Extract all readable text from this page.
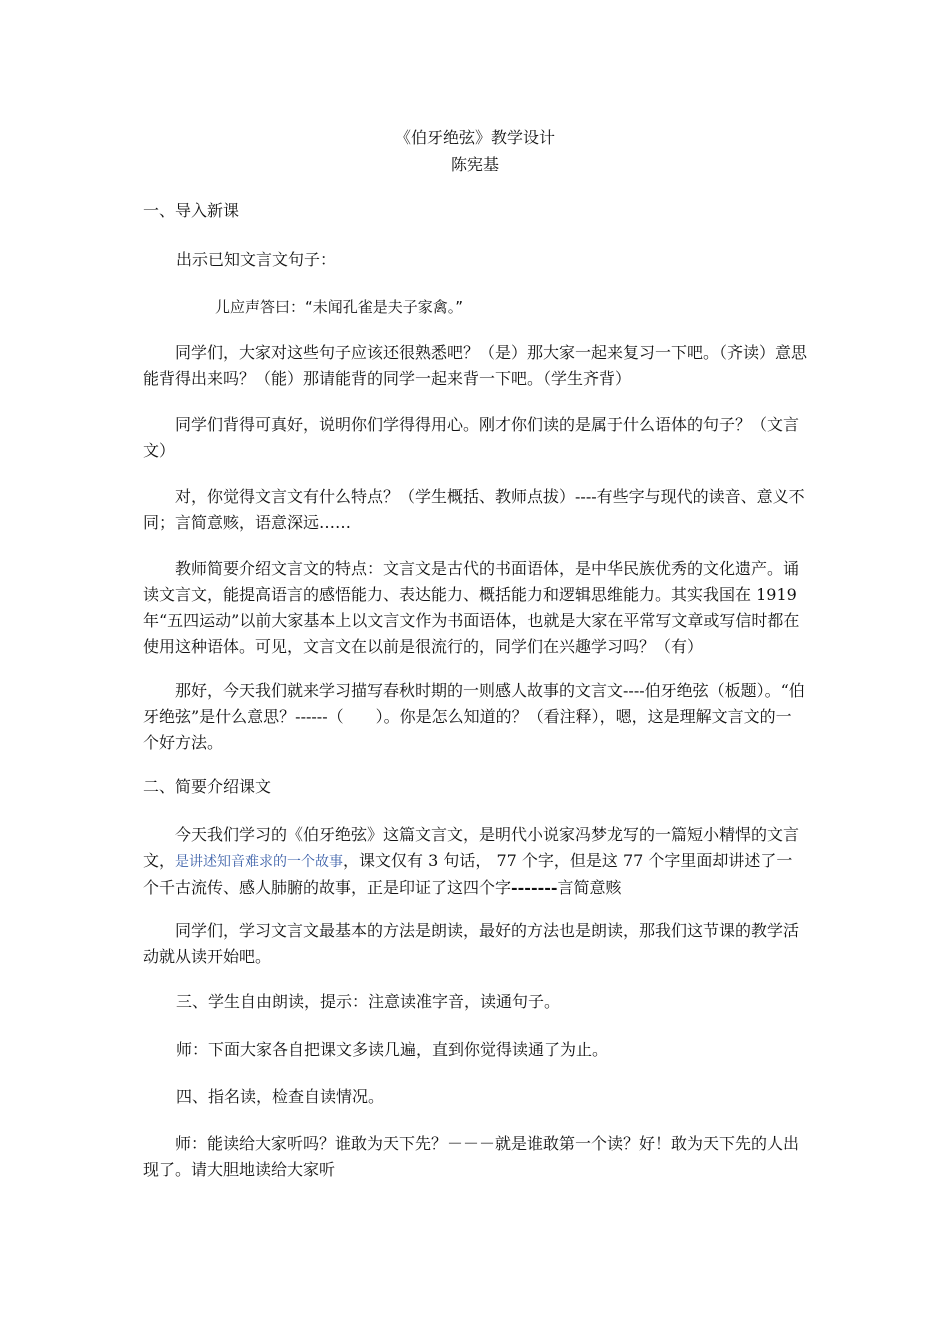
《伯牙绝弦》教学设计
陈宪基
一、导入新课
出示已知文言文句子：
儿应声答曰：“未闻孔雀是夫子家禽。”
同学们，大家对这些句子应该还很熟悉吧？（是）那大家一起来复习一下吧。（齐读）意思能背得出来吗？（能）那请能背的同学一起来背一下吧。（学生齐背）
同学们背得可真好，说明你们学得得用心。刚才你们读的是属于什么语体的句子？（文言文）
对，你觉得文言文有什么特点？（学生概括、教师点拔）----有些字与现代的读音、意义不同；言简意赅，语意深远……
教师简要介绍文言文的特点：文言文是古代的书面语体，是中华民族优秀的文化遗产。诵读文言文，能提高语言的感悟能力、表达能力、概括能力和逻辑思维能力。其实我国在 1919 年“五四运动”以前大家基本上以文言文作为书面语体，也就是大家在平常写文章或写信时都在使用这种语体。可见，文言文在以前是很流行的，同学们在兴趣学习吗？（有）
那好，今天我们就来学习描写春秋时期的一则感人故事的文言文----伯牙绝弦（板题）。“伯牙绝弦”是什么意思？------（　　）。你是怎么知道的？（看注释），嗯，这是理解文言文的一个好方法。
二、简要介绍课文
今天我们学习的《伯牙绝弦》这篇文言文，是明代小说家冯梦龙写的一篇短小精悍的文言文，是讲述知音难求的一个故事，课文仅有 3 句话， 77 个字，但是这 77 个字里面却讲述了一个千古流传、感人肺腑的故事，正是印证了这四个字-------言简意赅
同学们，学习文言文最基本的方法是朗读，最好的方法也是朗读，那我们这节课的教学活动就从读开始吧。
三、学生自由朗读，提示：注意读准字音，读通句子。
师：下面大家各自把课文多读几遍，直到你觉得读通了为止。
四、指名读，检查自读情况。
师：能读给大家听吗？谁敢为天下先？－－－就是谁敢第一个读？好！敢为天下先的人出现了。请大胆地读给大家听
